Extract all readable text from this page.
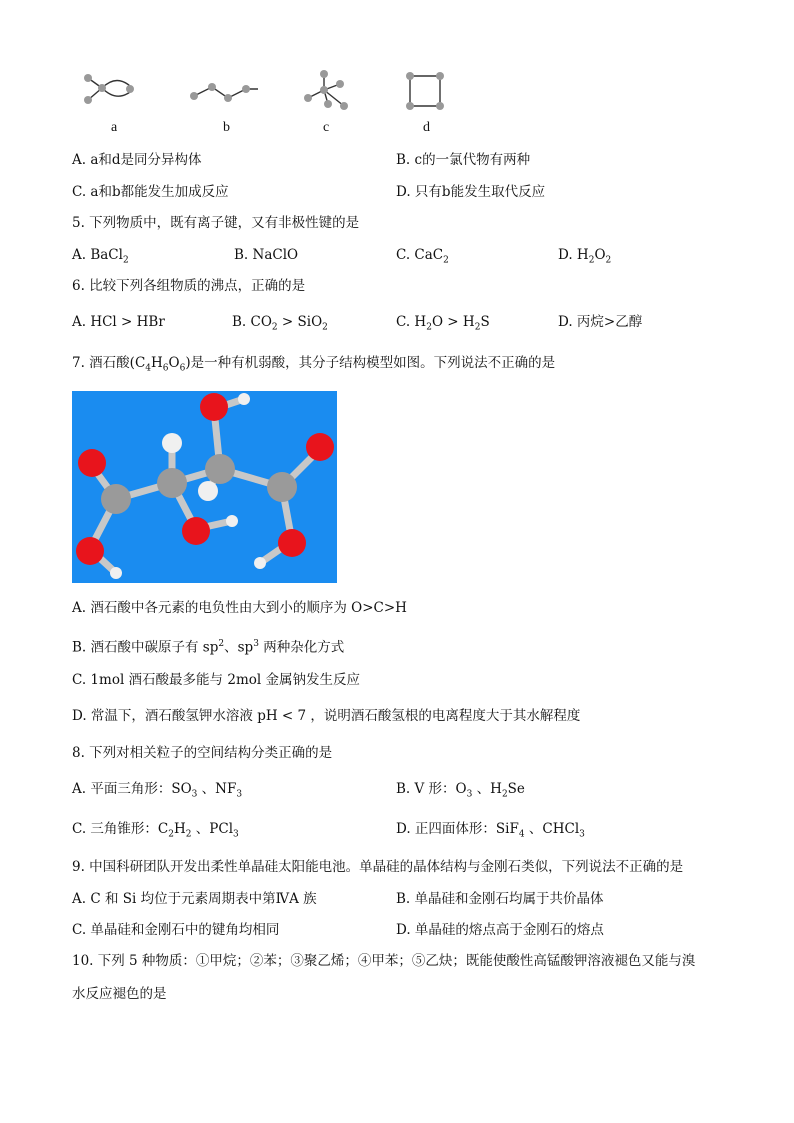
a	b	c	d
A. a和d是同分异构体	B. c的一氯代物有两种
C. a和b都能发生加成反应	D. 只有b能发生取代反应
5. 下列物质中，既有离子键，又有非极性键的是
A. BaCl$_2$	B. NaClO	C. CaC$_2$	D. $H_2O_2$
6. 比较下列各组物质的沸点，正确的是
A. HCl > HBr	B. $CO_2 > SiO_2$	C. $H_2O > H_2S$	D. 丙烷>乙醇
7. 酒石酸$(C_4H_6O_6)$是一种有机弱酸，其分子结构模型如图。下列说法不正确的是
A. 酒石酸中各元素的电负性由大到小的顺序为 O>C>H
B. 酒石酸中碳原子有 $sp^2$、$sp^3$ 两种杂化方式
C. 1mol 酒石酸最多能与 2mol 金属钠发生反应
D. 常温下，酒石酸氢钾水溶液 pH < 7 ，说明酒石酸氢根的电离程度大于其水解程度
8. 下列对相关粒子的空间结构分类正确的是
A. 平面三角形：$SO_3$ 、$NF_3$	B. V 形：$O_3$ 、$H_2Se$
C. 三角锥形：$C_2H_2$ 、PCl$_3$	D. 正四面体形：SiF$_4$ 、CHCl$_3$
9. 中国科研团队开发出柔性单晶硅太阳能电池。单晶硅的晶体结构与金刚石类似，下列说法不正确的是
A. C 和 Si 均位于元素周期表中第ⅣA 族	B. 单晶硅和金刚石均属于共价晶体
C. 单晶硅和金刚石中的键角均相同	D. 单晶硅的熔点高于金刚石的熔点
10. 下列 5 种物质：①甲烷；②苯；③聚乙烯；④甲苯；⑤乙炔；既能使酸性高锰酸钾溶液褪色又能与溴
水反应褪色的是
